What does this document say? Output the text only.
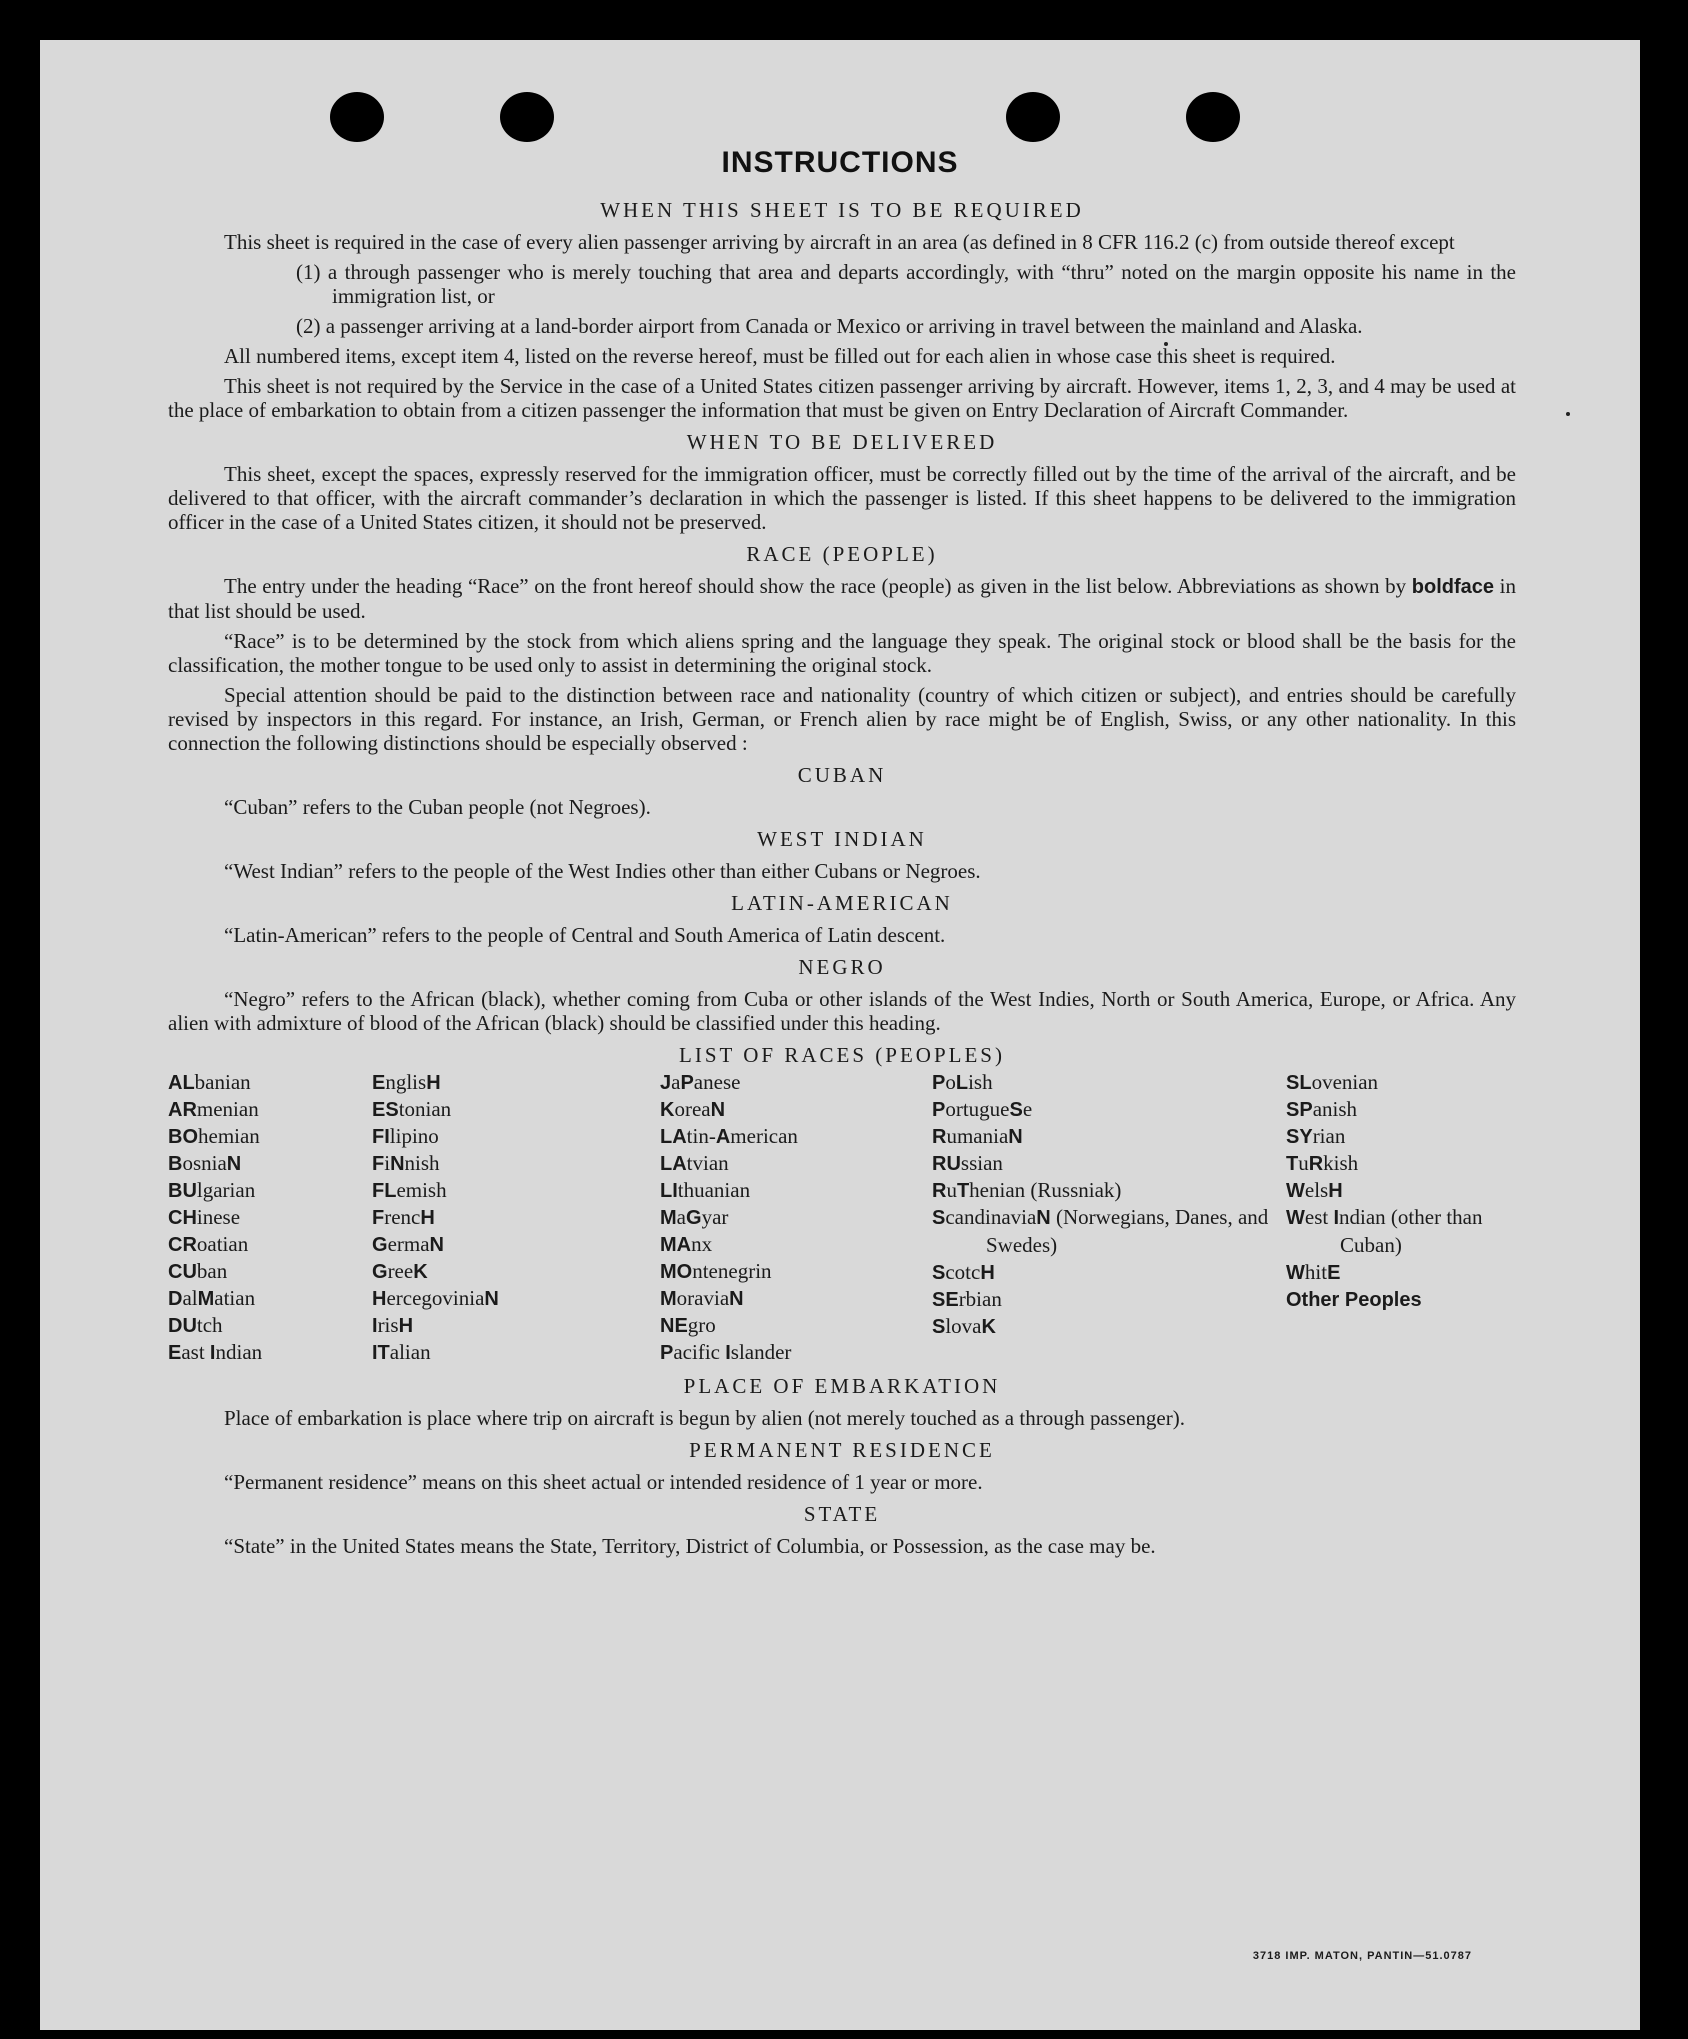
INSTRUCTIONS
WHEN THIS SHEET IS TO BE REQUIRED
This sheet is required in the case of every alien passenger arriving by aircraft in an area (as defined in 8 CFR 116.2 (c) from outside thereof except
(1) a through passenger who is merely touching that area and departs accordingly, with “thru” noted on the margin opposite his name in the immigration list, or
(2) a passenger arriving at a land-border airport from Canada or Mexico or arriving in travel between the mainland and Alaska.
All numbered items, except item 4, listed on the reverse hereof, must be filled out for each alien in whose case this sheet is required.
This sheet is not required by the Service in the case of a United States citizen passenger arriving by aircraft. However, items 1, 2, 3, and 4 may be used at the place of embarkation to obtain from a citizen passenger the information that must be given on Entry Declaration of Aircraft Commander.
WHEN TO BE DELIVERED
This sheet, except the spaces, expressly reserved for the immigration officer, must be correctly filled out by the time of the arrival of the aircraft, and be delivered to that officer, with the aircraft commander’s declaration in which the passenger is listed. If this sheet happens to be delivered to the immigration officer in the case of a United States citizen, it should not be preserved.
RACE (PEOPLE)
The entry under the heading “Race” on the front hereof should show the race (people) as given in the list below. Abbreviations as shown by boldface in that list should be used.
“Race” is to be determined by the stock from which aliens spring and the language they speak. The original stock or blood shall be the basis for the classification, the mother tongue to be used only to assist in determining the original stock.
Special attention should be paid to the distinction between race and nationality (country of which citizen or subject), and entries should be carefully revised by inspectors in this regard. For instance, an Irish, German, or French alien by race might be of English, Swiss, or any other nationality. In this connection the following distinctions should be especially observed :
CUBAN
“Cuban” refers to the Cuban people (not Negroes).
WEST INDIAN
“West Indian” refers to the people of the West Indies other than either Cubans or Negroes.
LATIN-AMERICAN
“Latin-American” refers to the people of Central and South America of Latin descent.
NEGRO
“Negro” refers to the African (black), whether coming from Cuba or other islands of the West Indies, North or South America, Europe, or Africa. Any alien with admixture of blood of the African (black) should be classified under this heading.
LIST OF RACES (PEOPLES)
ALbanian
ARmenian
BOhemian
BosniaN
BUlgarian
CHinese
CRoatian
CUban
DalMatian
DUtch
East Indian
EnglisH
EStonian
FIlipino
FiNnish
FLemish
FrencH
GermaN
GreeK
HercegoviniaN
IrisH
ITalian
JaPanese
KoreaN
LAtin-American
LAtvian
LIthuanian
MaGyar
MAnx
MOntenegrin
MoraviaN
NEgro
Pacific Islander
PoLish
PortugueSe
RumaniaN
RUssian
RuThenian (Russniak)
ScandinaviaN (Norwegians, Danes, and Swedes)
ScotcH
SErbian
SlovaK
SLovenian
SPanish
SYrian
TuRkish
WelsH
West Indian (other than Cuban)
WhitE
Other Peoples
PLACE OF EMBARKATION
Place of embarkation is place where trip on aircraft is begun by alien (not merely touched as a through passenger).
PERMANENT RESIDENCE
“Permanent residence” means on this sheet actual or intended residence of 1 year or more.
STATE
“State” in the United States means the State, Territory, District of Columbia, or Possession, as the case may be.
3718 IMP. MATON, PANTIN—51.0787
